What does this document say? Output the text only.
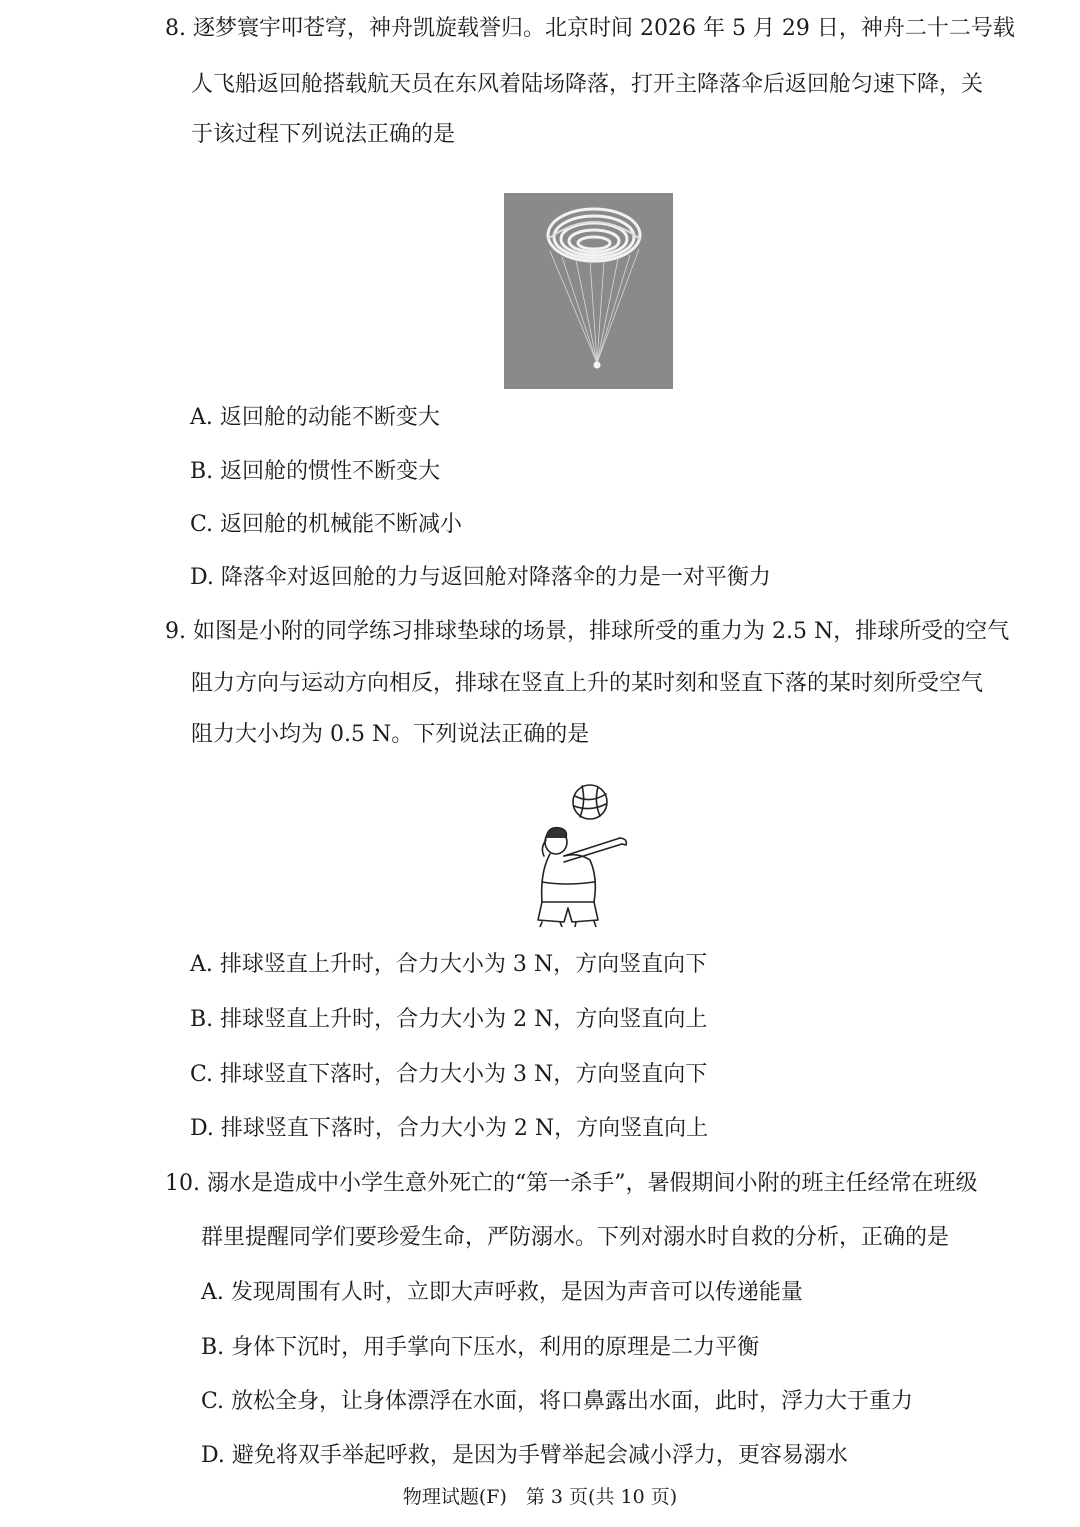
8. 逐梦寰宇叩苍穹，神舟凯旋载誉归。北京时间 2026 年 5 月 29 日，神舟二十二号载
人飞船返回舱搭载航天员在东风着陆场降落，打开主降落伞后返回舱匀速下降，关
于该过程下列说法正确的是
A. 返回舱的动能不断变大
B. 返回舱的惯性不断变大
C. 返回舱的机械能不断减小
D. 降落伞对返回舱的力与返回舱对降落伞的力是一对平衡力
9. 如图是小附的同学练习排球垫球的场景，排球所受的重力为 2.5 N，排球所受的空气
阻力方向与运动方向相反，排球在竖直上升的某时刻和竖直下落的某时刻所受空气
阻力大小均为 0.5 N。下列说法正确的是
A. 排球竖直上升时，合力大小为 3 N，方向竖直向下
B. 排球竖直上升时，合力大小为 2 N，方向竖直向上
C. 排球竖直下落时，合力大小为 3 N，方向竖直向下
D. 排球竖直下落时，合力大小为 2 N，方向竖直向上
10. 溺水是造成中小学生意外死亡的“第一杀手”，暑假期间小附的班主任经常在班级
群里提醒同学们要珍爱生命，严防溺水。下列对溺水时自救的分析，正确的是
A. 发现周围有人时，立即大声呼救，是因为声音可以传递能量
B. 身体下沉时，用手掌向下压水，利用的原理是二力平衡
C. 放松全身，让身体漂浮在水面，将口鼻露出水面，此时，浮力大于重力
D. 避免将双手举起呼救，是因为手臂举起会减小浮力，更容易溺水
物理试题(F)　第 3 页(共 10 页)
